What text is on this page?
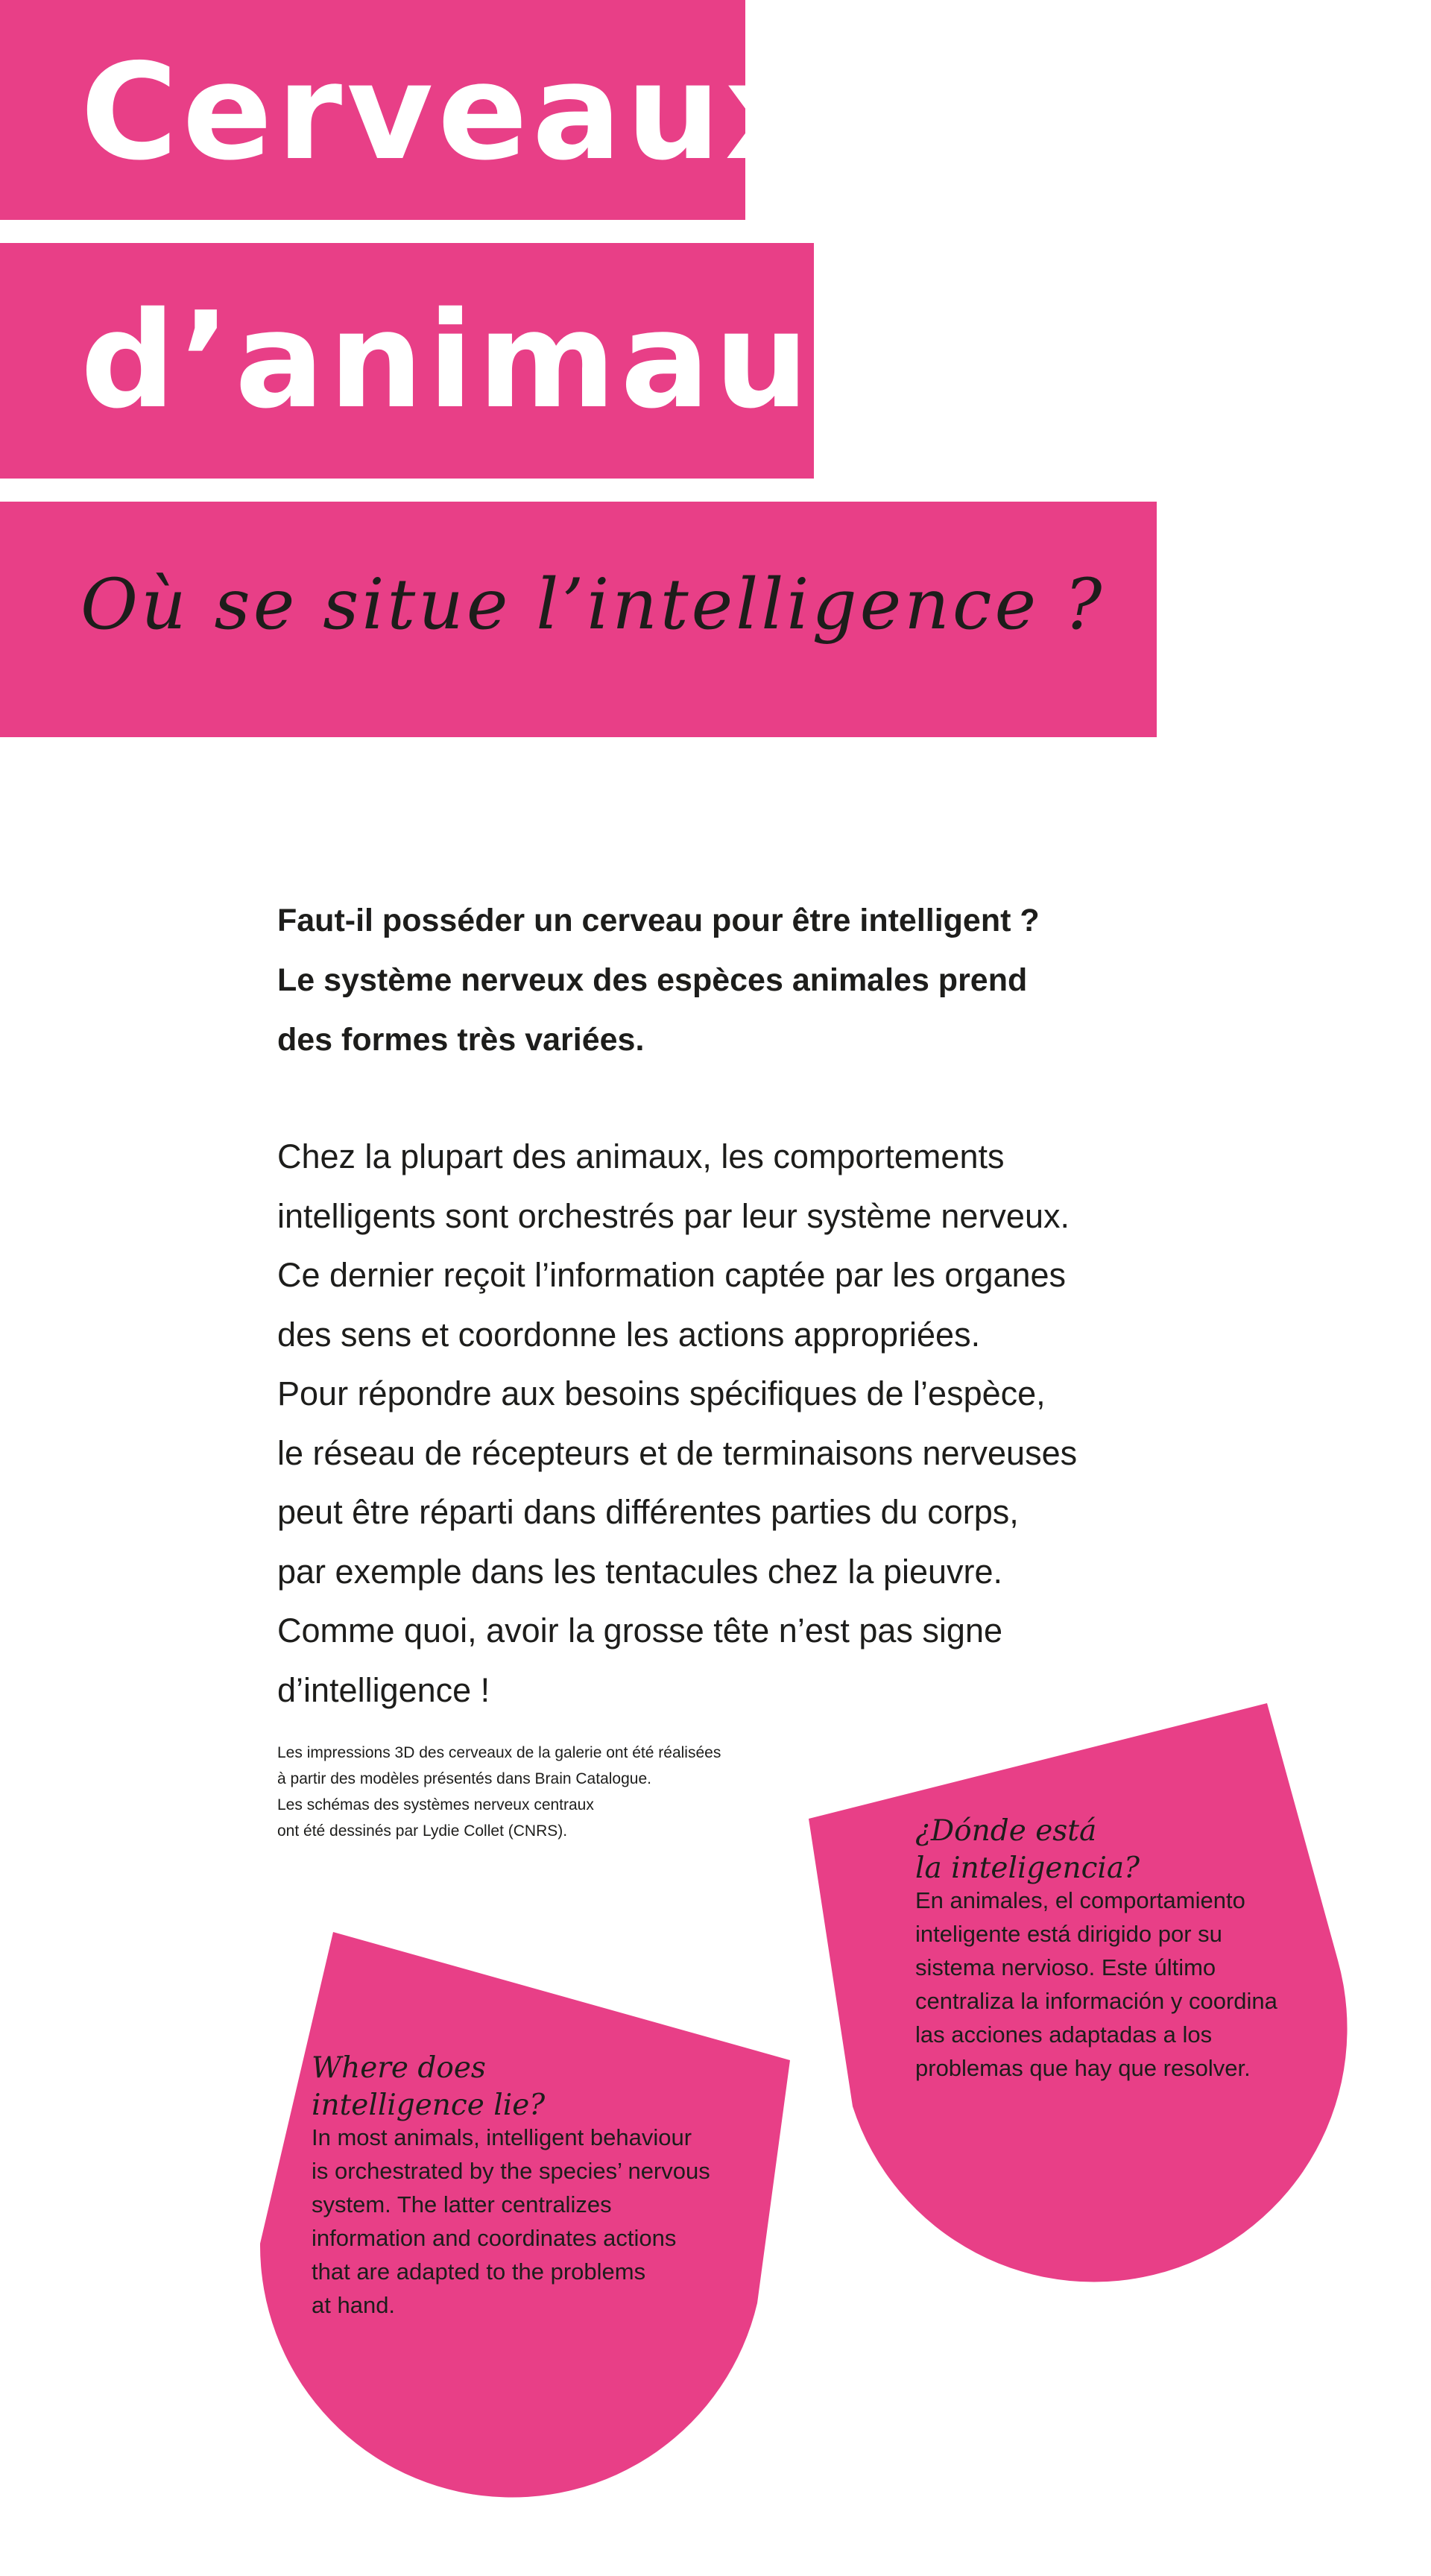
Cerveaux
d’animaux
Où se situe l’intelligence ?

Faut-il posséder un cerveau pour être intelligent ?
Le système nerveux des espèces animales prend
des formes très variées.

Chez la plupart des animaux, les comportements
intelligents sont orchestrés par leur système nerveux.
Ce dernier reçoit l’information captée par les organes
des sens et coordonne les actions appropriées.
Pour répondre aux besoins spécifiques de l’espèce,
le réseau de récepteurs et de terminaisons nerveuses
peut être réparti dans différentes parties du corps,
par exemple dans les tentacules chez la pieuvre.
Comme quoi, avoir la grosse tête n’est pas signe
d’intelligence !

Les impressions 3D des cerveaux de la galerie ont été réalisées
à partir des modèles présentés dans Brain Catalogue.
Les schémas des systèmes nerveux centraux
ont été dessinés par Lydie Collet (CNRS).	¿Dónde está
la inteligencia?

En animales, el comportamiento
inteligente está dirigido por su
sistema nervioso. Este último
centraliza la información y coordina
las acciones adaptadas a los
problemas que hay que resolver.

Where does
intelligence lie?

In most animals, intelligent behaviour
is orchestrated by the species’ nervous
system. The latter centralizes
information and coordinates actions
that are adapted to the problems
at hand.
